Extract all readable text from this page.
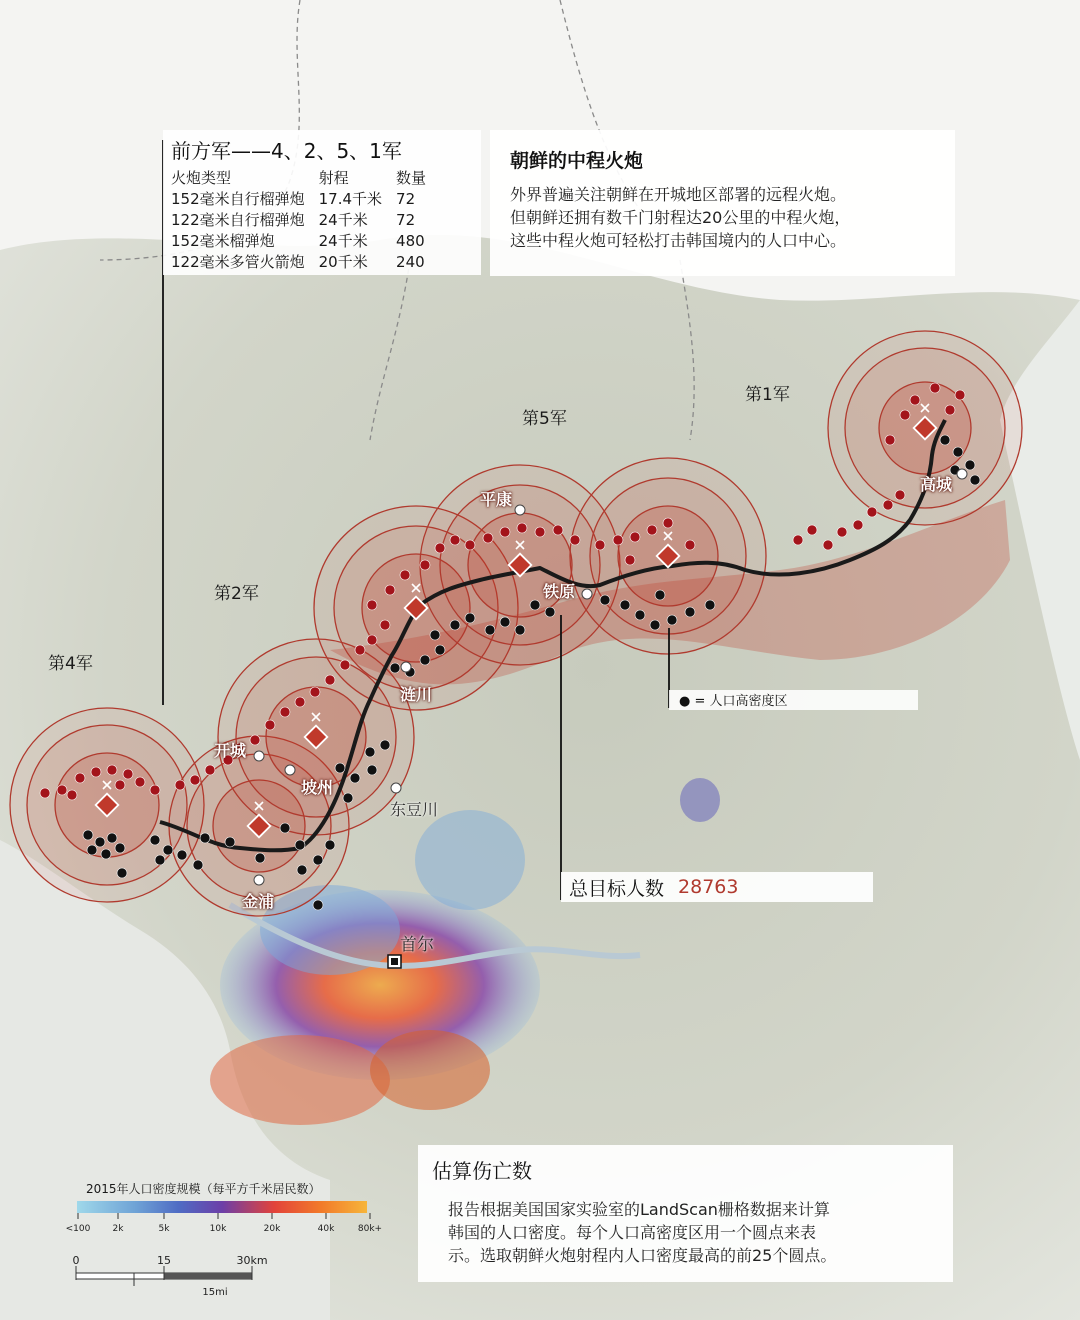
前方军——4、2、5、1军
火炮类型	射程	数量
152毫米自行榴弹炮	17.4千米	72
122毫米自行榴弹炮	24千米	72
152毫米榴弹炮	24千米	480
122毫米多管火箭炮	20千米	240
朝鲜的中程火炮
外界普遍关注朝鲜在开城地区部署的远程火炮。
但朝鲜还拥有数千门射程达20公里的中程火炮，
这些中程火炮可轻松打击韩国境内的人口中心。
第1军
第5军
第2军
第4军
高城
平康
铁原
涟川
开城
坡州
东豆川
金浦
首尔
● = 人口高密度区
总目标人数 28763
估算伤亡数
报告根据美国国家实验室的LandScan栅格数据来计算
韩国的人口密度。每个人口高密度区用一个圆点来表
示。选取朝鲜火炮射程内人口密度最高的前25个圆点。
2015年人口密度规模（每平方千米居民数）
<100 2k	5k	10k	20k	40k	80k+
0	15	30km
15mi
